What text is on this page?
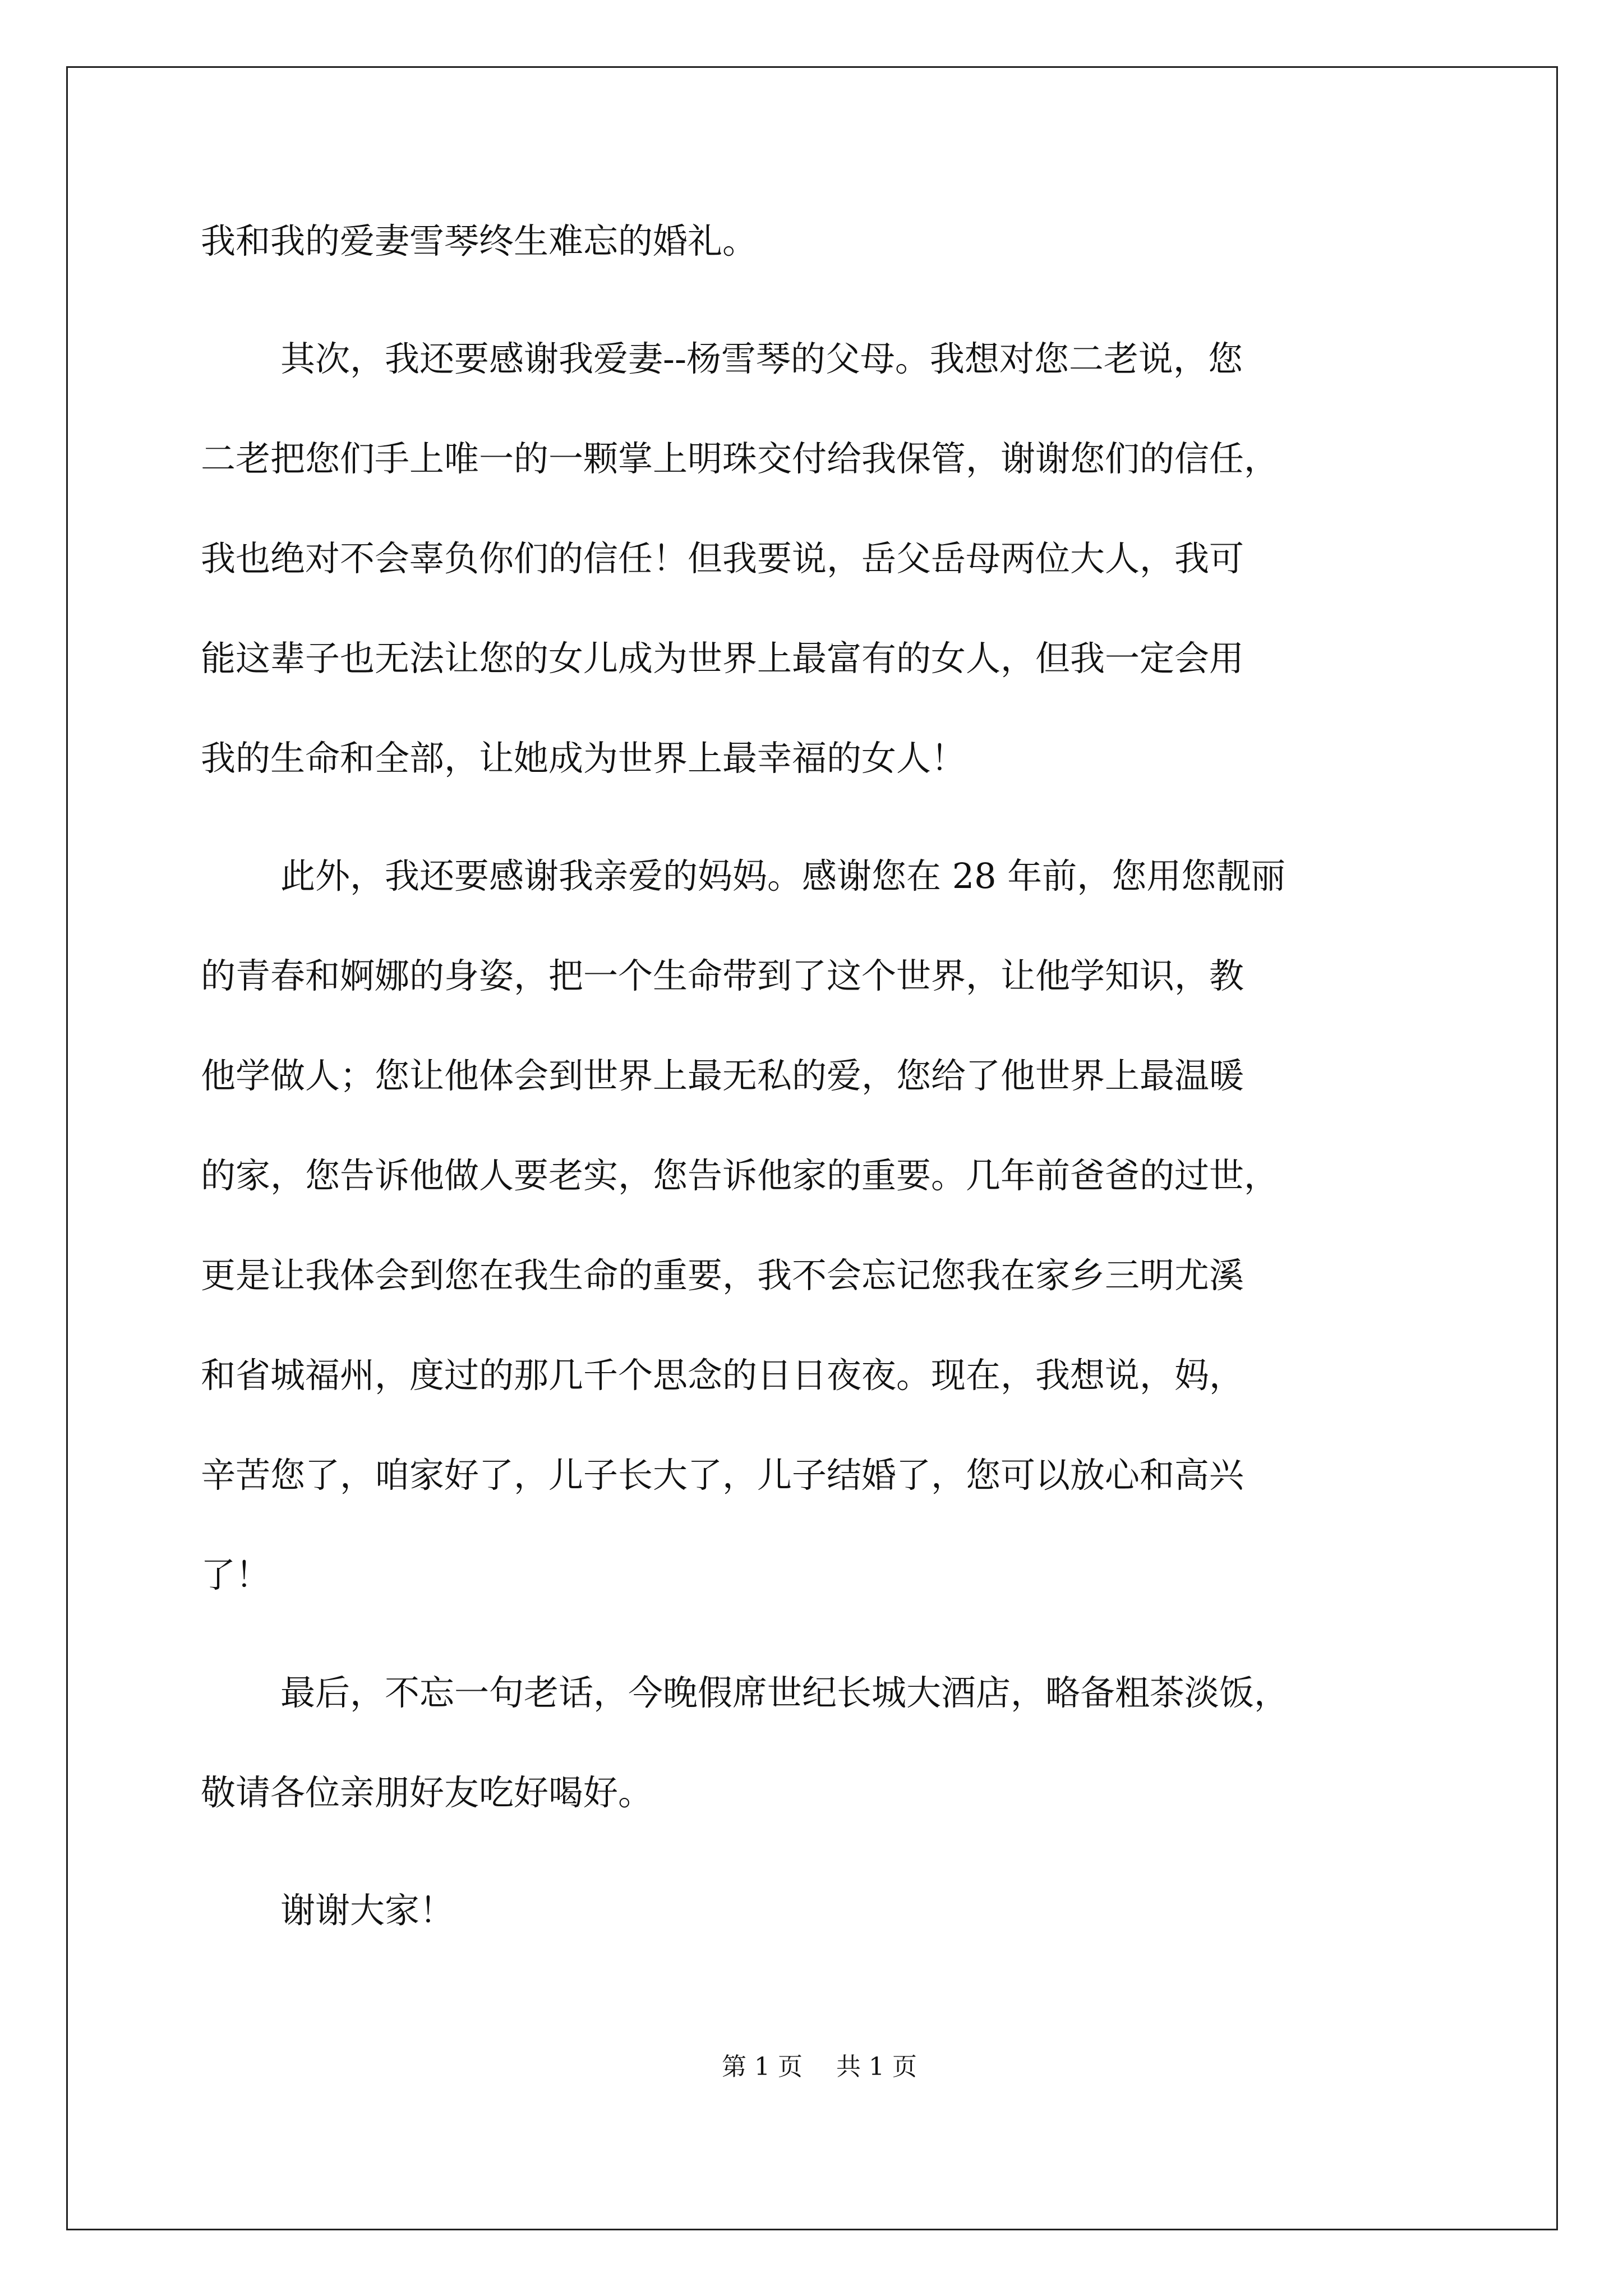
我和我的爱妻雪琴终生难忘的婚礼。
其次，我还要感谢我爱妻--杨雪琴的父母。我想对您二老说，您
二老把您们手上唯一的一颗掌上明珠交付给我保管，谢谢您们的信任，
我也绝对不会辜负你们的信任！但我要说，岳父岳母两位大人，我可
能这辈子也无法让您的女儿成为世界上最富有的女人，但我一定会用
我的生命和全部，让她成为世界上最幸福的女人！
此外，我还要感谢我亲爱的妈妈。感谢您在 28 年前，您用您靓丽
的青春和婀娜的身姿，把一个生命带到了这个世界，让他学知识，教
他学做人；您让他体会到世界上最无私的爱，您给了他世界上最温暖
的家，您告诉他做人要老实，您告诉他家的重要。几年前爸爸的过世，
更是让我体会到您在我生命的重要，我不会忘记您我在家乡三明尤溪
和省城福州，度过的那几千个思念的日日夜夜。现在，我想说，妈，
辛苦您了，咱家好了，儿子长大了，儿子结婚了，您可以放心和高兴
了！
最后，不忘一句老话，今晚假席世纪长城大酒店，略备粗茶淡饭，
敬请各位亲朋好友吃好喝好。
谢谢大家！

第 1 页 共 1 页
